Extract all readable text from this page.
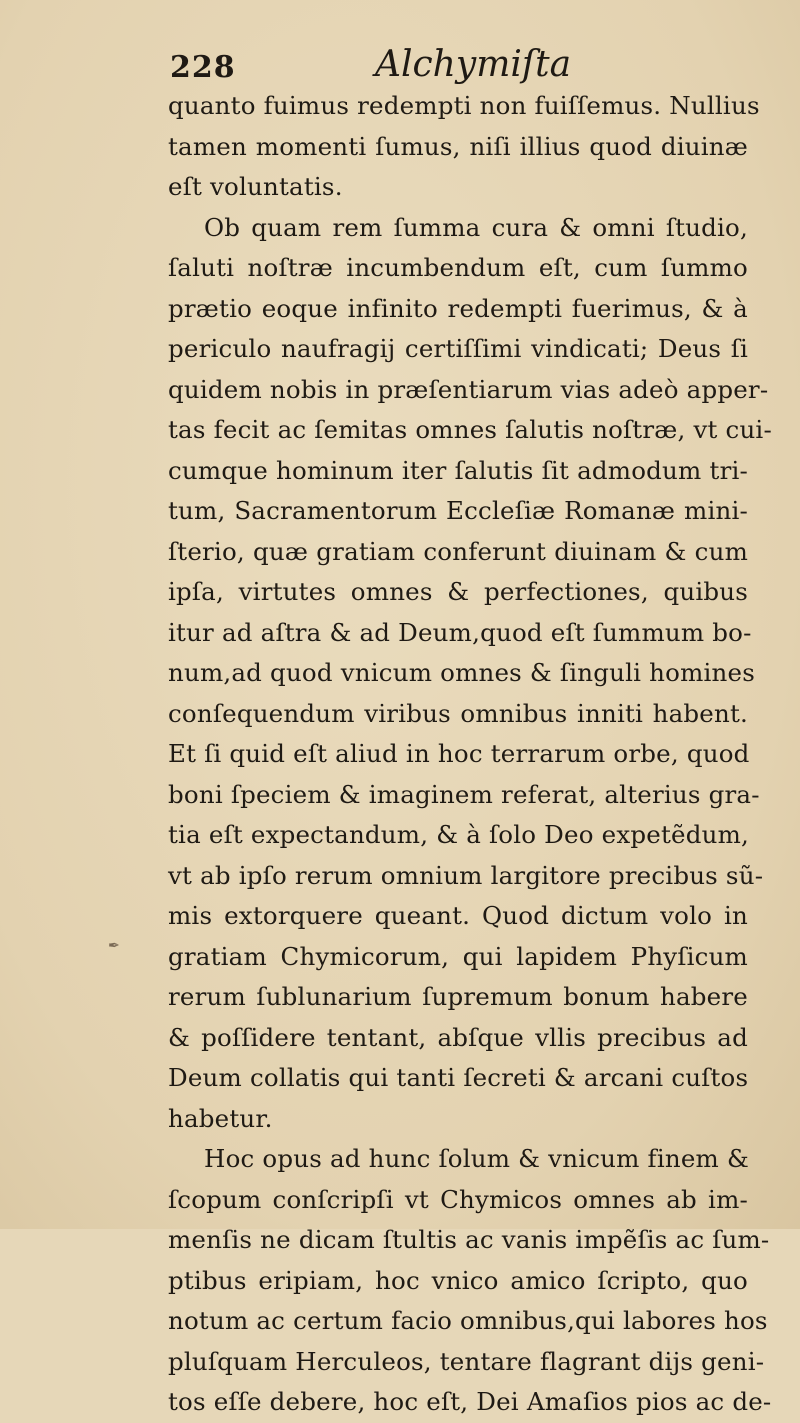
228	Alchymiſta
quanto fuimus redempti non fuiſſemus. Nullius
tamen momenti ſumus, niſi illius quod diuinæ
eſt voluntatis.
Ob quam rem ſumma cura & omni ſtudio,
ſaluti noſtræ incumbendum eſt, cum ſummo
prætio eoque infinito redempti fuerimus, & à
periculo naufragij certiſſimi vindicati; Deus ſi
quidem nobis in præſentiarum vias adeò apper-
tas fecit ac ſemitas omnes ſalutis noſtræ, vt cui-
cumque hominum iter ſalutis ſit admodum tri-
tum, Sacramentorum Eccleſiæ Romanæ mini-
ſterio, quæ gratiam conferunt diuinam & cum
ipſa, virtutes omnes & perfectiones, quibus
itur ad aſtra & ad Deum,quod eſt ſummum bo-
num,ad quod vnicum omnes & ſinguli homines
conſequendum viribus omnibus inniti habent.
Et ſi quid eſt aliud in hoc terrarum orbe, quod
boni ſpeciem & imaginem referat, alterius gra-
tia eſt expectandum, & à ſolo Deo expetẽdum,
vt ab ipſo rerum omnium largitore precibus sũ-
mis extorquere queant. Quod dictum volo in
gratiam Chymicorum, qui lapidem Phyſicum
rerum ſublunarium ſupremum bonum habere
& poſſidere tentant, abſque vllis precibus ad
Deum collatis qui tanti ſecreti & arcani cuſtos
habetur.
Hoc opus ad hunc ſolum & vnicum finem &
ſcopum conſcripſi vt Chymicos omnes ab im-
menſis ne dicam ſtultis ac vanis impẽſis ac ſum-
ptibus eripiam, hoc vnico amico ſcripto, quo
notum ac certum facio omnibus,qui labores hos
pluſquam Herculeos, tentare flagrant dijs geni-
tos eſſe debere, hoc eſt, Dei Amaſios pios ac de-
✒
